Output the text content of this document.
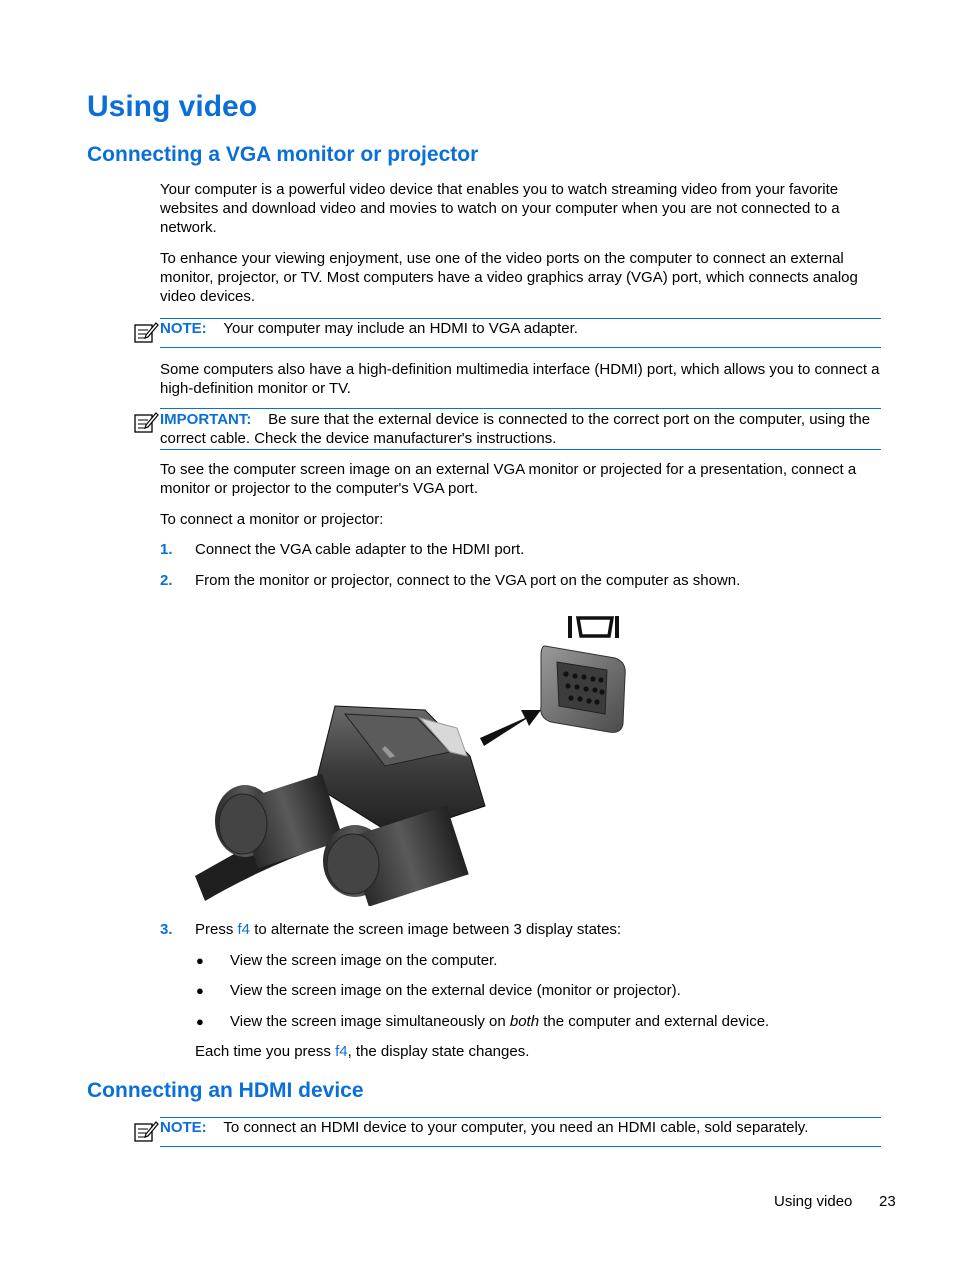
Using video
Connecting a VGA monitor or projector
Your computer is a powerful video device that enables you to watch streaming video from your favorite websites and download video and movies to watch on your computer when you are not connected to a network.
To enhance your viewing enjoyment, use one of the video ports on the computer to connect an external monitor, projector, or TV. Most computers have a video graphics array (VGA) port, which connects analog video devices.
NOTE: Your computer may include an HDMI to VGA adapter.
Some computers also have a high-definition multimedia interface (HDMI) port, which allows you to connect a high-definition monitor or TV.
IMPORTANT: Be sure that the external device is connected to the correct port on the computer, using the correct cable. Check the device manufacturer's instructions.
To see the computer screen image on an external VGA monitor or projected for a presentation, connect a monitor or projector to the computer's VGA port.
To connect a monitor or projector:
1. Connect the VGA cable adapter to the HDMI port.
2. From the monitor or projector, connect to the VGA port on the computer as shown.
3. Press f4 to alternate the screen image between 3 display states:
● View the screen image on the computer.
● View the screen image on the external device (monitor or projector).
● View the screen image simultaneously on both the computer and external device.
Each time you press f4, the display state changes.
Connecting an HDMI device
NOTE: To connect an HDMI device to your computer, you need an HDMI cable, sold separately.
Using video 23
